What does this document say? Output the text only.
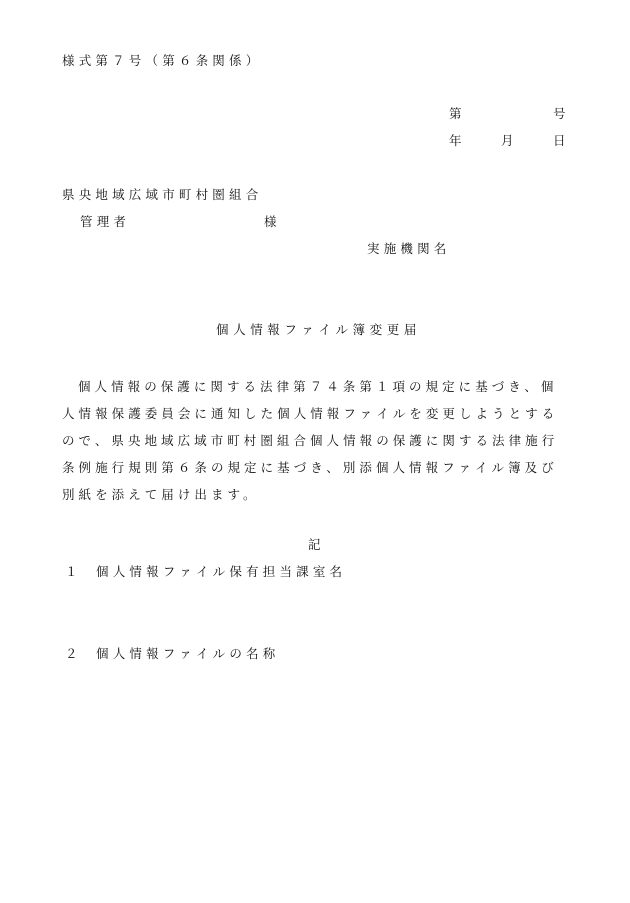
様式第７号（第６条関係）
第	号
年	月	日
県央地域広域市町村圏組合
管理者	様
実施機関名
個人情報ファイル簿変更届

個人情報の保護に関する法律第７４条第１項の規定に基づき、個
人情報保護委員会に通知した個人情報ファイルを変更しようとする
ので、県央地域広域市町村圏組合個人情報の保護に関する法律施行
条例施行規則第６条の規定に基づき、別添個人情報ファイル簿及び
別紙を添えて届け出ます。

記
１ 個人情報ファイル保有担当課室名
２ 個人情報ファイルの名称
